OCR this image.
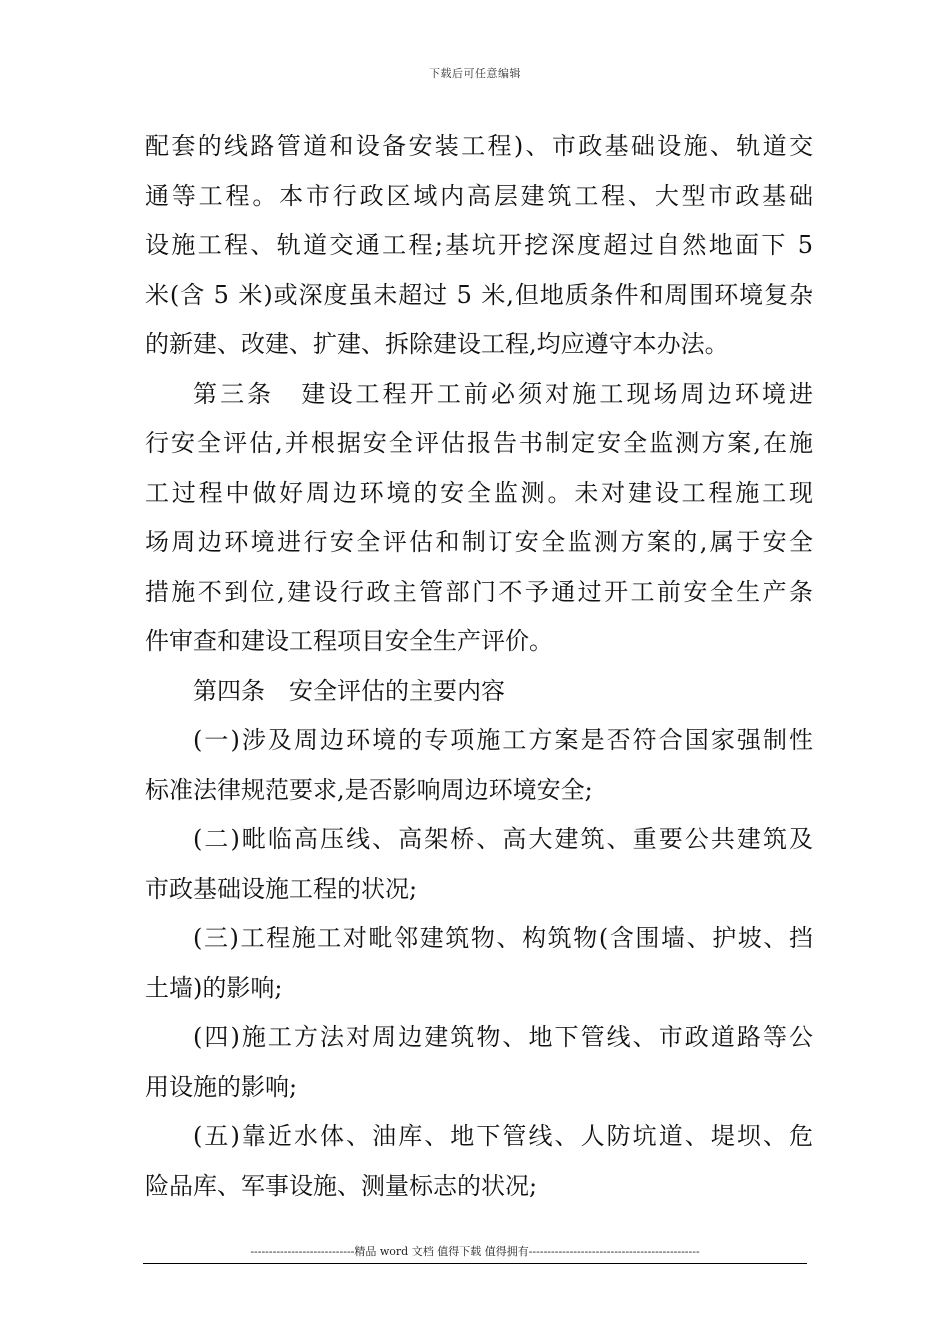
下载后可任意编辑
配套的线路管道和设备安装工程)、市政基础设施、轨道交
通等工程。本市行政区域内高层建筑工程、大型市政基础
设施工程、轨道交通工程;基坑开挖深度超过自然地面下 5
米(含 5 米)或深度虽未超过 5 米,但地质条件和周围环境复杂
的新建、改建、扩建、拆除建设工程,均应遵守本办法。
第三条　建设工程开工前必须对施工现场周边环境进
行安全评估,并根据安全评估报告书制定安全监测方案,在施
工过程中做好周边环境的安全监测。未对建设工程施工现
场周边环境进行安全评估和制订安全监测方案的,属于安全
措施不到位,建设行政主管部门不予通过开工前安全生产条
件审查和建设工程项目安全生产评价。
第四条　安全评估的主要内容
(一)涉及周边环境的专项施工方案是否符合国家强制性
标准法律规范要求,是否影响周边环境安全;
(二)毗临高压线、高架桥、高大建筑、重要公共建筑及
市政基础设施工程的状况;
(三)工程施工对毗邻建筑物、构筑物(含围墙、护坡、挡
土墙)的影响;
(四)施工方法对周边建筑物、地下管线、市政道路等公
用设施的影响;
(五)靠近水体、油库、地下管线、人防坑道、堤坝、危
险品库、军事设施、测量标志的状况;
----------------------------精品 word 文档 值得下载 值得拥有----------------------------------------------
